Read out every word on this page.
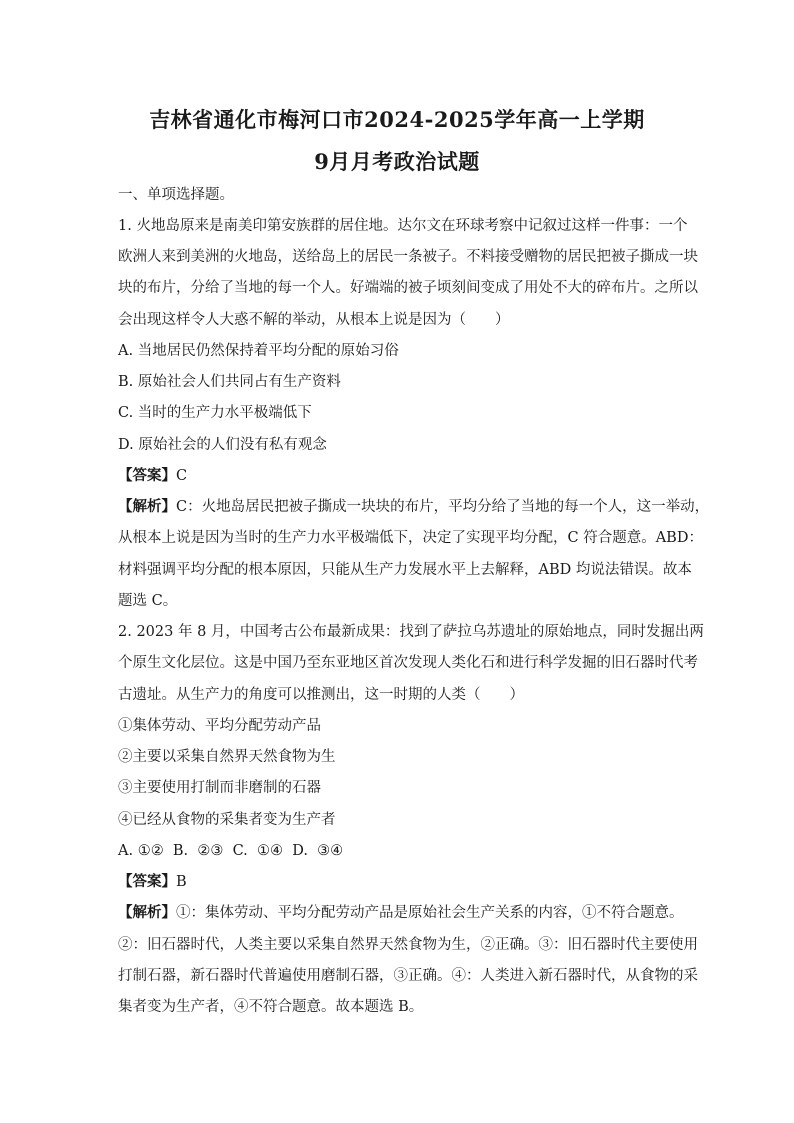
吉林省通化市梅河口市2024-2025学年高一上学期
9月月考政治试题
一、单项选择题。
1. 火地岛原来是南美印第安族群的居住地。达尔文在环球考察中记叙过这样一件事：一个
欧洲人来到美洲的火地岛，送给岛上的居民一条被子。不料接受赠物的居民把被子撕成一块
块的布片，分给了当地的每一个人。好端端的被子顷刻间变成了用处不大的碎布片。之所以
会出现这样令人大惑不解的举动，从根本上说是因为（　　）
A. 当地居民仍然保持着平均分配的原始习俗
B. 原始社会人们共同占有生产资料
C. 当时的生产力水平极端低下
D. 原始社会的人们没有私有观念
【答案】C
【解析】C：火地岛居民把被子撕成一块块的布片，平均分给了当地的每一个人，这一举动，
从根本上说是因为当时的生产力水平极端低下，决定了实现平均分配，C 符合题意。ABD：
材料强调平均分配的根本原因，只能从生产力发展水平上去解释，ABD 均说法错误。故本
题选 C。
2. 2023 年 8 月，中国考古公布最新成果：找到了萨拉乌苏遗址的原始地点，同时发掘出两
个原生文化层位。这是中国乃至东亚地区首次发现人类化石和进行科学发掘的旧石器时代考
古遗址。从生产力的角度可以推测出，这一时期的人类（　　）
①集体劳动、平均分配劳动产品
②主要以采集自然界天然食物为生
③主要使用打制而非磨制的石器
④已经从食物的采集者变为生产者
A. ①②  B.  ②③  C.  ①④  D.  ③④
【答案】B
【解析】①：集体劳动、平均分配劳动产品是原始社会生产关系的内容，①不符合题意。
②：旧石器时代，人类主要以采集自然界天然食物为生，②正确。③：旧石器时代主要使用
打制石器，新石器时代普遍使用磨制石器，③正确。④：人类进入新石器时代，从食物的采
集者变为生产者，④不符合题意。故本题选 B。
